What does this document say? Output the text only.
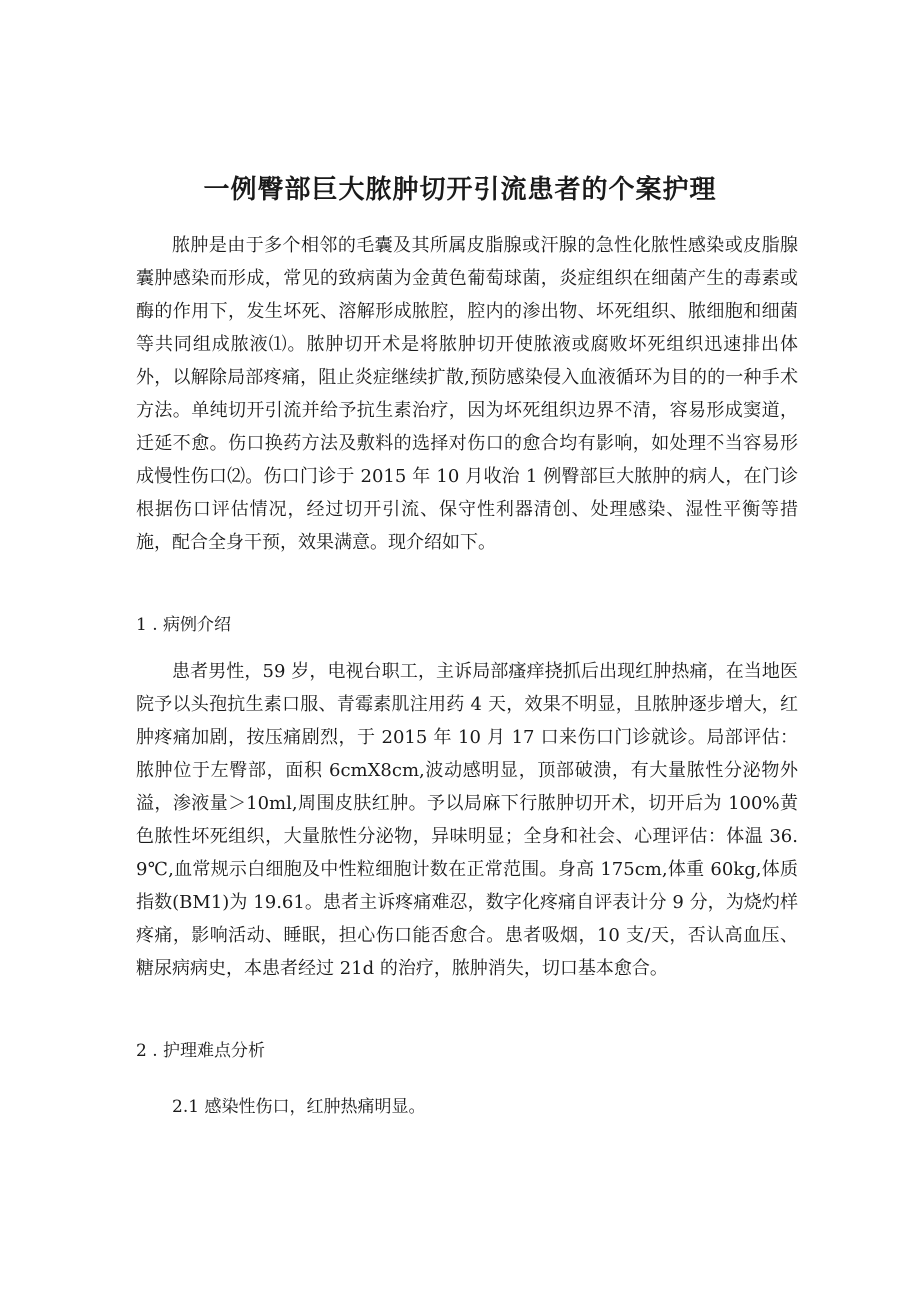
一例臀部巨大脓肿切开引流患者的个案护理

脓肿是由于多个相邻的毛囊及其所属皮脂腺或汗腺的急性化脓性感染或皮脂腺囊肿感染而形成，常见的致病菌为金黄色葡萄球菌，炎症组织在细菌产生的毒素或酶的作用下，发生坏死、溶解形成脓腔，腔内的渗出物、坏死组织、脓细胞和细菌等共同组成脓液⑴。脓肿切开术是将脓肿切开使脓液或腐败坏死组织迅速排出体外，以解除局部疼痛，阻止炎症继续扩散,预防感染侵入血液循环为目的的一种手术方法。单纯切开引流并给予抗生素治疗，因为坏死组织边界不清，容易形成窦道，迁延不愈。伤口换药方法及敷料的选择对伤口的愈合均有影响，如处理不当容易形成慢性伤口⑵。伤口门诊于 2015 年 10 月收治 1 例臀部巨大脓肿的病人，在门诊根据伤口评估情况，经过切开引流、保守性利器清创、处理感染、湿性平衡等措施，配合全身干预，效果满意。现介绍如下。

1 . 病例介绍

患者男性，59 岁，电视台职工，主诉局部瘙痒挠抓后出现红肿热痛，在当地医院予以头孢抗生素口服、青霉素肌注用药 4 天，效果不明显，且脓肿逐步增大，红肿疼痛加剧，按压痛剧烈，于 2015 年 10 月 17 口来伤口门诊就诊。局部评估：脓肿位于左臀部，面积 6cmX8cm,波动感明显，顶部破溃，有大量脓性分泌物外溢，渗液量＞10ml,周围皮肤红肿。予以局麻下行脓肿切开术，切开后为 100%黄色脓性坏死组织，大量脓性分泌物，异味明显；全身和社会、心理评估：体温 36.9℃,血常规示白细胞及中性粒细胞计数在正常范围。身高 175cm,体重 60kg,体质指数(BM1)为 19.61。患者主诉疼痛难忍，数字化疼痛自评表计分 9 分，为烧灼样疼痛，影响活动、睡眠，担心伤口能否愈合。患者吸烟，10 支/天，否认高血压、糖尿病病史，本患者经过 21d 的治疗，脓肿消失，切口基本愈合。

2 . 护理难点分析

2.1 感染性伤口，红肿热痛明显。
